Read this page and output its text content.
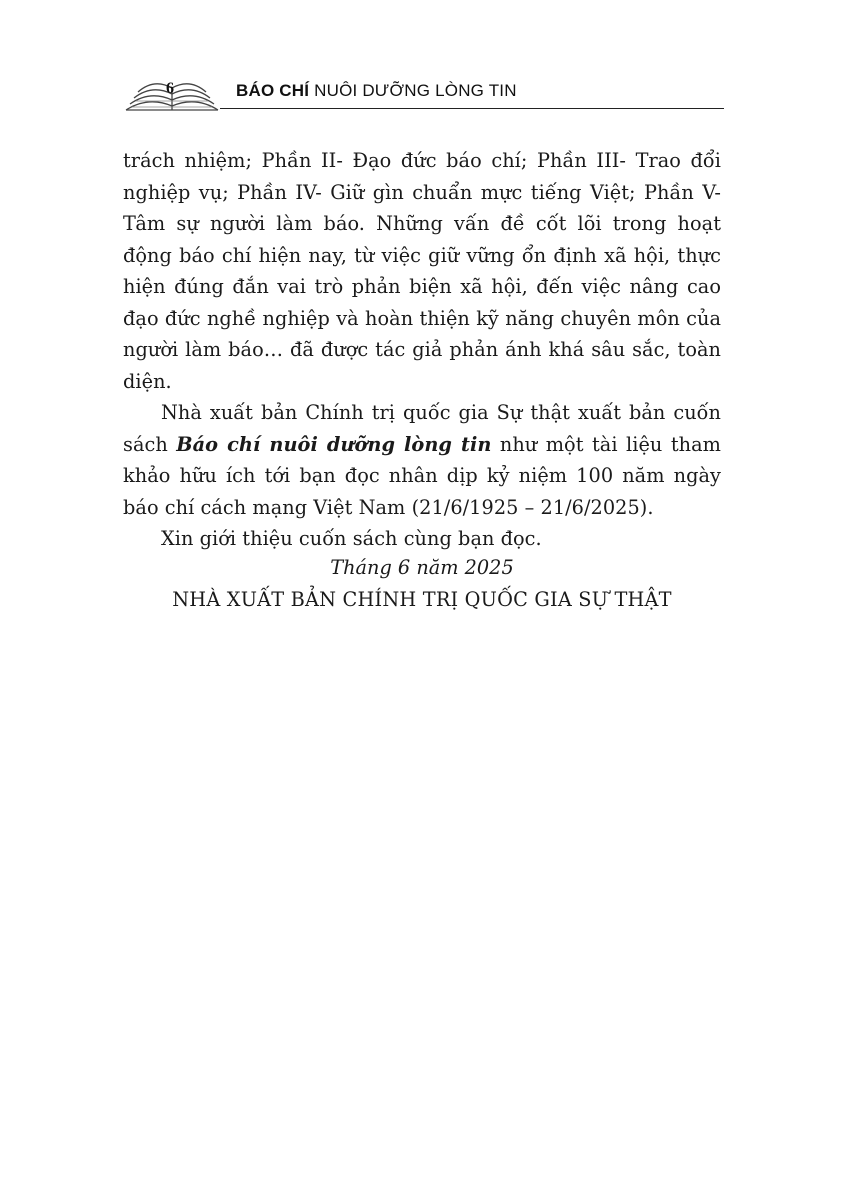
6	BÁO CHÍ NUÔI DƯỠNG LÒNG TIN

trách nhiệm; Phần II- Đạo đức báo chí; Phần III- Trao đổi nghiệp vụ; Phần IV- Giữ gìn chuẩn mực tiếng Việt; Phần V- Tâm sự người làm báo. Những vấn đề cốt lõi trong hoạt động báo chí hiện nay, từ việc giữ vững ổn định xã hội, thực hiện đúng đắn vai trò phản biện xã hội, đến việc nâng cao đạo đức nghề nghiệp và hoàn thiện kỹ năng chuyên môn của người làm báo… đã được tác giả phản ánh khá sâu sắc, toàn diện.

Nhà xuất bản Chính trị quốc gia Sự thật xuất bản cuốn sách Báo chí nuôi dưỡng lòng tin như một tài liệu tham khảo hữu ích tới bạn đọc nhân dịp kỷ niệm 100 năm ngày báo chí cách mạng Việt Nam (21/6/1925 – 21/6/2025).

Xin giới thiệu cuốn sách cùng bạn đọc.

Tháng 6 năm 2025
NHÀ XUẤT BẢN CHÍNH TRỊ QUỐC GIA SỰ THẬT
